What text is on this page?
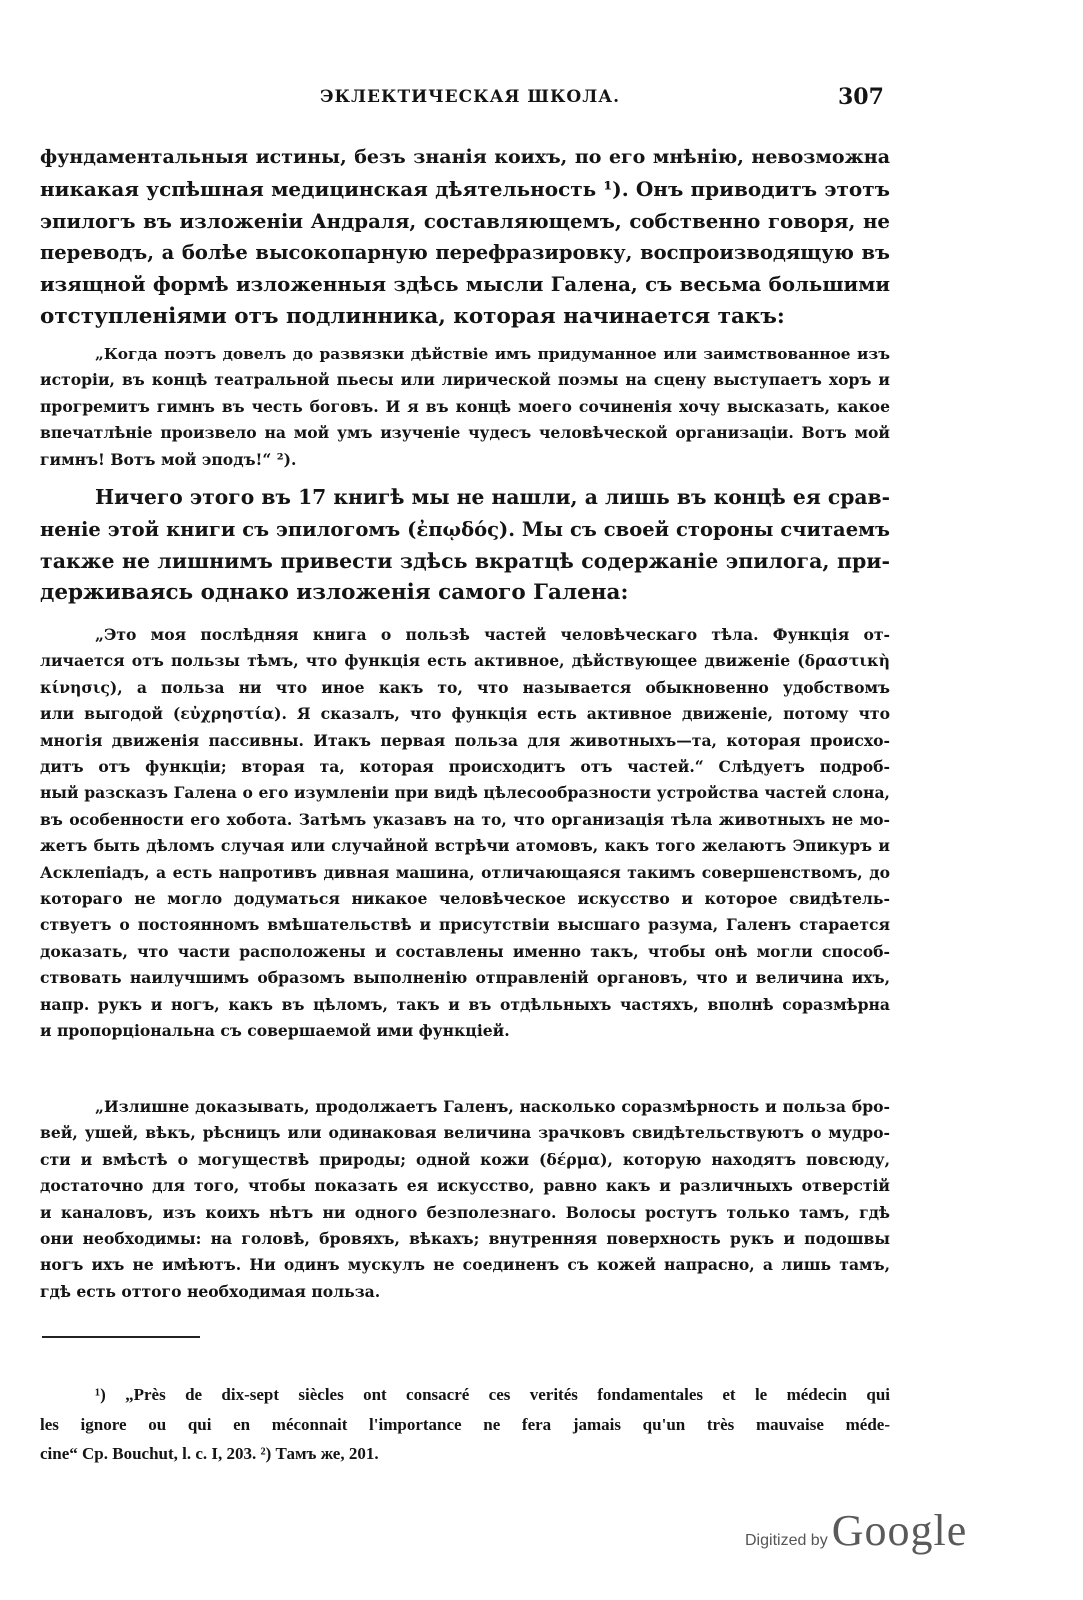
ЭКЛЕКТИЧЕСКАЯ ШКОЛА.	307
фундаментальныя истины, безъ знанія коихъ, по его мнѣнію, невозможна
никакая успѣшная медицинская дѣятельность ¹). Онъ приводитъ этотъ
эпилогъ въ изложеніи Андраля, составляющемъ, собственно говоря, не
переводъ, а болѣе высокопарную перефразировку, воспроизводящую въ
изящной формѣ изложенныя здѣсь мысли Галена, съ весьма большими
отступленіями отъ подлинника, которая начинается такъ:
„Когда поэтъ довелъ до развязки дѣйствіе имъ придуманное или заимствованное изъ
исторіи, въ концѣ театральной пьесы или лирической поэмы на сцену выступаетъ хоръ и
прогремитъ гимнъ въ честь боговъ. И я въ концѣ моего сочиненія хочу высказать, какое
впечатлѣніе произвело на мой умъ изученіе чудесъ человѣческой организаціи. Вотъ мой
гимнъ! Вотъ мой эподъ!“ ²).
Ничего этого въ 17 книгѣ мы не нашли, а лишь въ концѣ ея срав-
неніе этой книги съ эпилогомъ (ἐπῳδός). Мы съ своей стороны считаемъ
также не лишнимъ привести здѣсь вкратцѣ содержаніе эпилога, при-
держиваясь однако изложенія самого Галена:
„Это моя послѣдняя книга о пользѣ частей человѣческаго тѣла. Функція от-
личается отъ пользы тѣмъ, что функція есть активное, дѣйствующее движеніе (δραστικὴ
κίνησις), а польза ни что иное какъ то, что называется обыкновенно удобствомъ
или выгодой (εὐχρηστία). Я сказалъ, что функція есть активное движеніе, потому что
многія движенія пассивны. Итакъ первая польза для животныхъ—та, которая происхо-
дитъ отъ функціи; вторая та, которая происходитъ отъ частей.“ Слѣдуетъ подроб-
ный разсказъ Галена о его изумленіи при видѣ цѣлесообразности устройства частей слона,
въ особенности его хобота. Затѣмъ указавъ на то, что организація тѣла животныхъ не мо-
жетъ быть дѣломъ случая или случайной встрѣчи атомовъ, какъ того желаютъ Эпикуръ и
Асклепіадъ, а есть напротивъ дивная машина, отличающаяся такимъ совершенствомъ, до
котораго не могло додуматься никакое человѣческое искусство и которое свидѣтель-
ствуетъ о постоянномъ вмѣшательствѣ и присутствіи высшаго разума, Галенъ старается
доказать, что части расположены и составлены именно такъ, чтобы онѣ могли способ-
ствовать наилучшимъ образомъ выполненію отправленій органовъ, что и величина ихъ,
напр. рукъ и ногъ, какъ въ цѣломъ, такъ и въ отдѣльныхъ частяхъ, вполнѣ соразмѣрна
и пропорціональна съ совершаемой ими функціей.
„Излишне доказывать, продолжаетъ Галенъ, насколько соразмѣрность и польза бро-
вей, ушей, вѣкъ, рѣсницъ или одинаковая величина зрачковъ свидѣтельствуютъ о мудро-
сти и вмѣстѣ о могуществѣ природы; одной кожи (δέρμα), которую находятъ повсюду,
достаточно для того, чтобы показать ея искусство, равно какъ и различныхъ отверстій
и каналовъ, изъ коихъ нѣтъ ни одного безполезнаго. Волосы ростутъ только тамъ, гдѣ
они необходимы: на головѣ, бровяхъ, вѣкахъ; внутренняя поверхность рукъ и подошвы
ногъ ихъ не имѣютъ. Ни одинъ мускулъ не соединенъ съ кожей напрасно, а лишь тамъ,
гдѣ есть оттого необходимая польза.
¹) „Près de dix-sept siècles ont consacré ces verités fondamentales et le médecin qui
les ignore ou qui en méconnait l'importance ne fera jamais qu'un très mauvaise méde-
cine“ Cp. Bouchut, l. c. I, 203. ²) Тамъ же, 201.
Digitized by Google
